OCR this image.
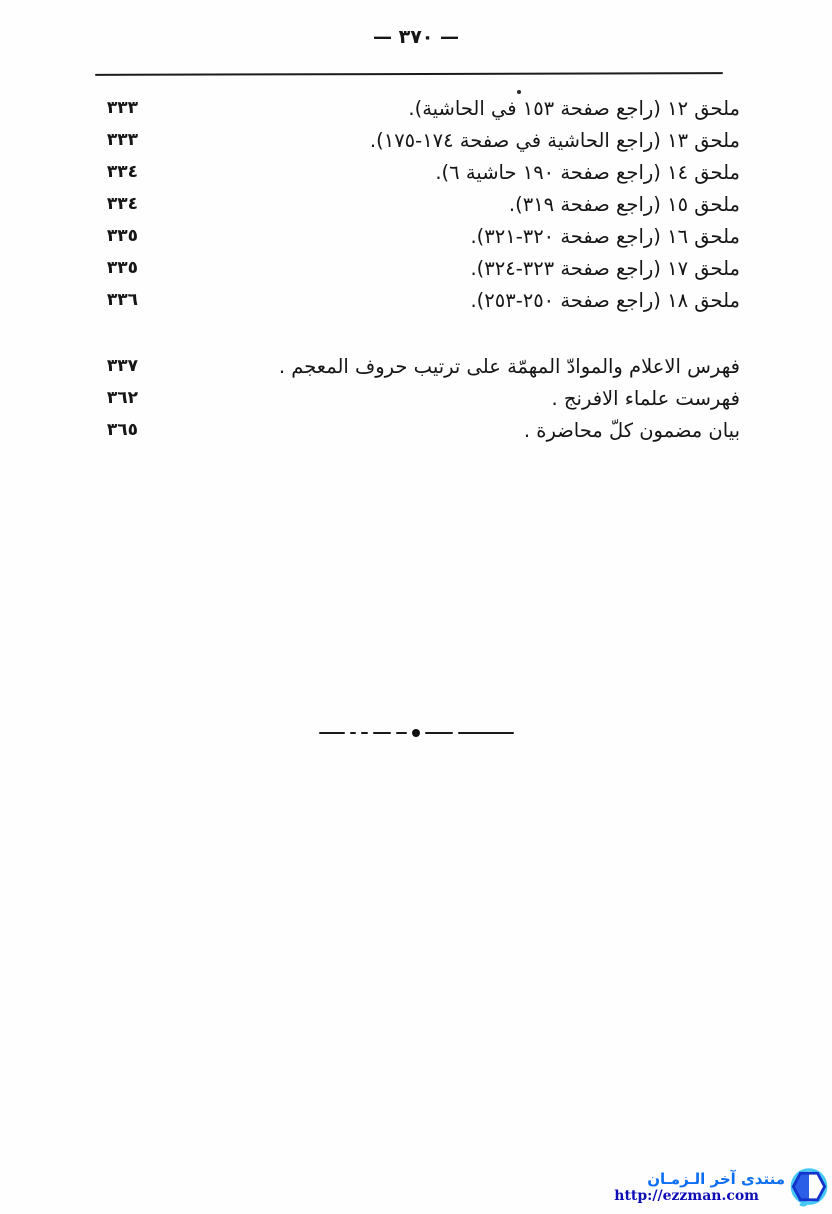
— ٣٧٠ —
٣٣٣	ملحق ١٢ (راجع صفحة ١٥٣ في الحاشية).
٣٣٣	ملحق ١٣ (راجع الحاشية في صفحة ١٧٤-١٧٥).
٣٣٤	ملحق ١٤ (راجع صفحة ١٩٠ حاشية ٦).
٣٣٤	ملحق ١٥ (راجع صفحة ٣١٩).
٣٣٥	ملحق ١٦ (راجع صفحة ٣٢٠-٣٢١).
٣٣٥	ملحق ١٧ (راجع صفحة ٣٢٣-٣٢٤).
٣٣٦	ملحق ١٨ (راجع صفحة ٢٥٠-٢٥٣).
٣٣٧	فهرس الاعلام والموادّ المهمّة على ترتيب حروف المعجم .
٣٦٢	فهرست علماء الافرنج .
٣٦٥	بيان مضمون كلّ محاضرة .
منتدى آخر الـزمـان
http://ezzman.com
